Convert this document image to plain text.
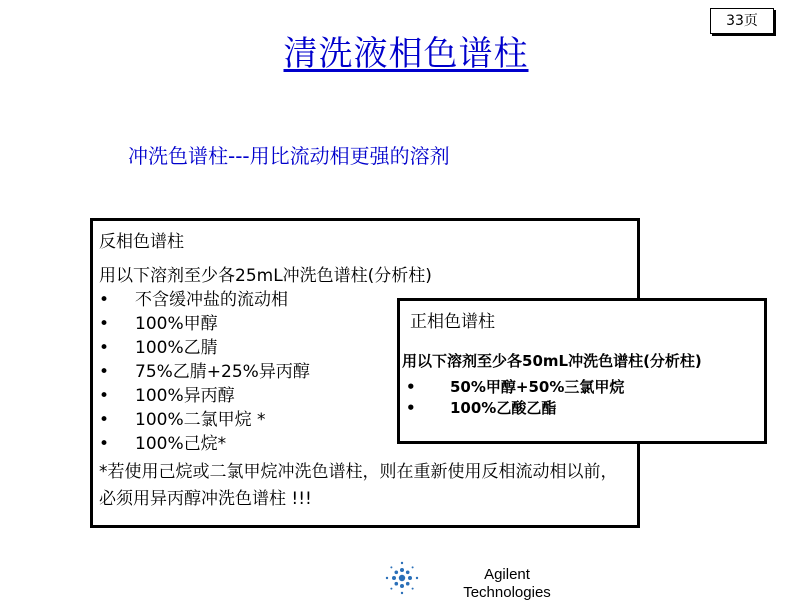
33页
清洗液相色谱柱
冲洗色谱柱---用比流动相更强的溶剂
反相色谱柱
用以下溶剂至少各25mL冲洗色谱柱(分析柱)
• 不含缓冲盐的流动相
• 100%甲醇
• 100%乙腈
• 75%乙腈+25%异丙醇
• 100%异丙醇
• 100%二氯甲烷 *
• 100%己烷*
*若使用己烷或二氯甲烷冲洗色谱柱，则在重新使用反相流动相以前，必须用异丙醇冲洗色谱柱 !!!
正相色谱柱
用以下溶剂至少各50mL冲洗色谱柱(分析柱)
• 50%甲醇+50%三氯甲烷
• 100%乙酸乙酯
Agilent
Technologies
